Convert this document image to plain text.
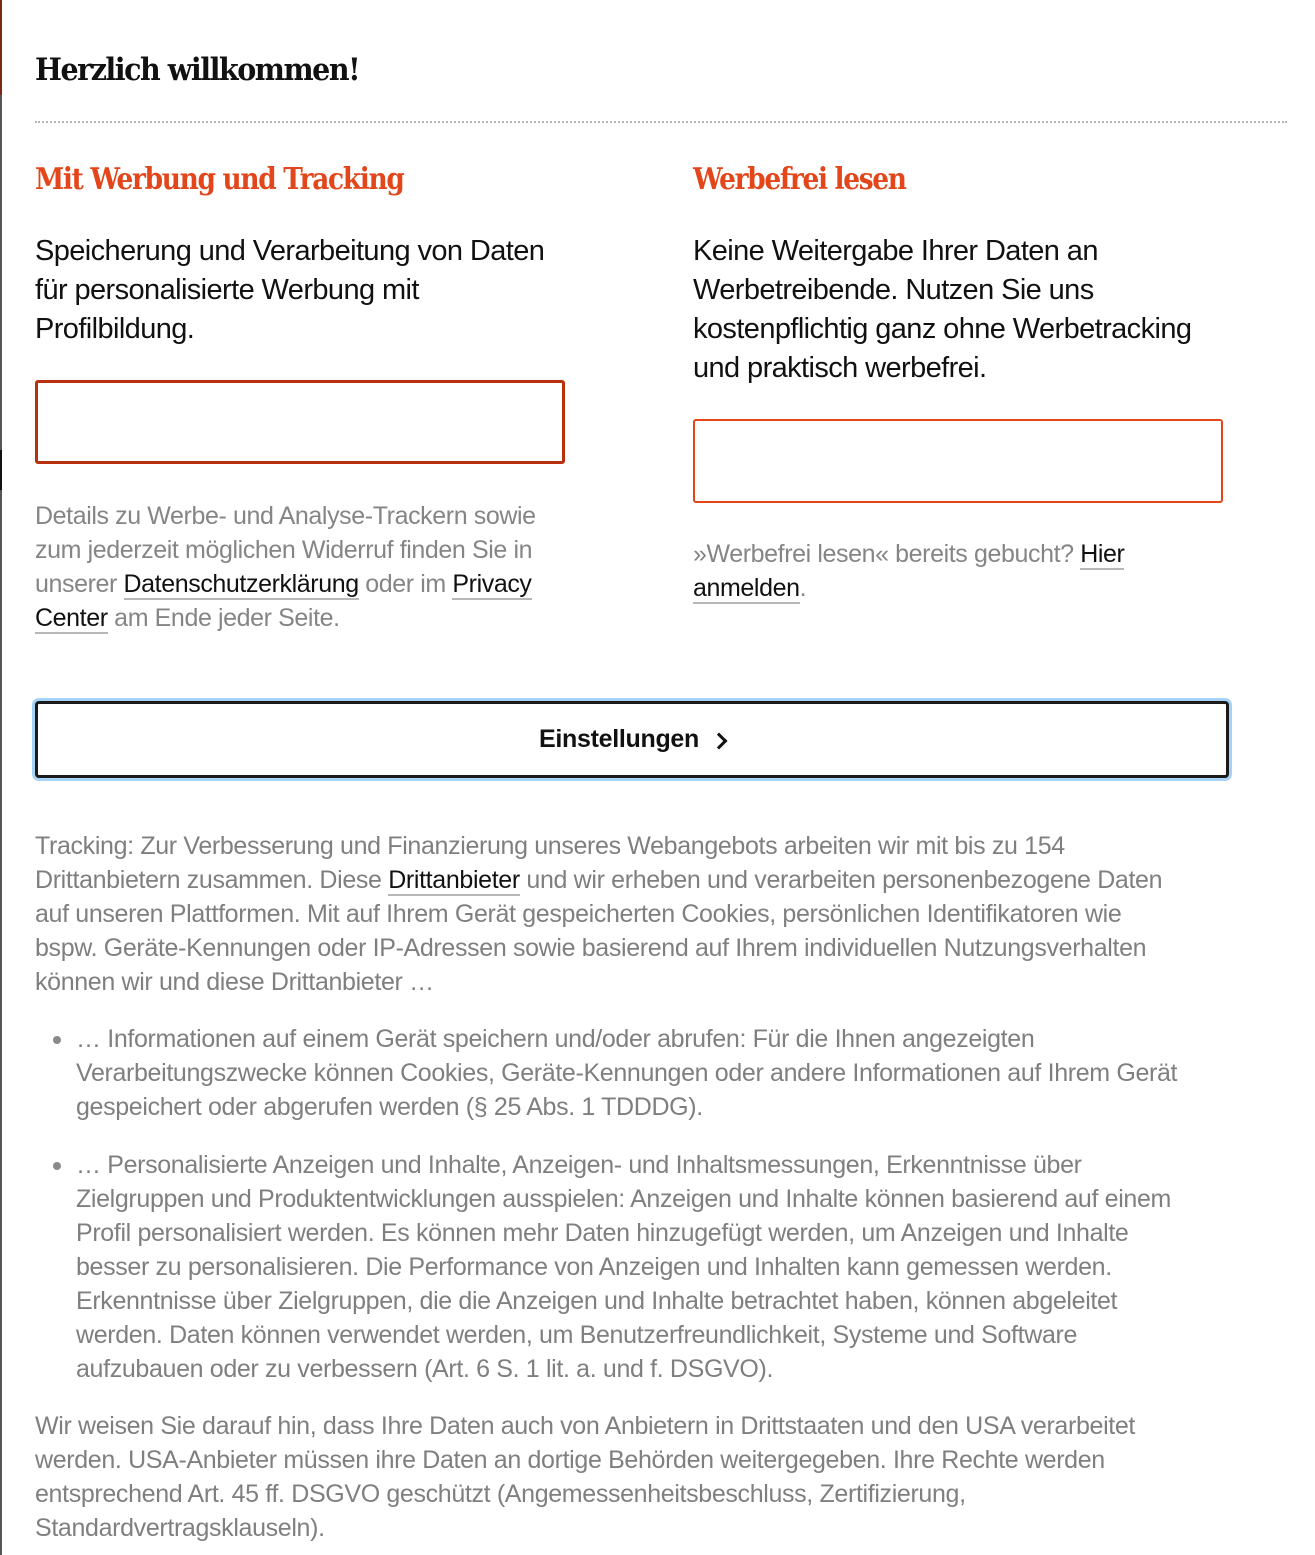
Herzlich willkommen!
Mit Werbung und Tracking

Speicherung und Verarbeitung von Daten
für personalisierte Werbung mit
Profilbildung.

Details zu Werbe- und Analyse-Trackern sowie
zum jederzeit möglichen Widerruf finden Sie in
unserer Datenschutzerklärung oder im Privacy
Center am Ende jeder Seite.

Werbefrei lesen

Keine Weitergabe Ihrer Daten an
Werbetreibende. Nutzen Sie uns
kostenpflichtig ganz ohne Werbetracking
und praktisch werbefrei.

»Werbefrei lesen« bereits gebucht? Hier
anmelden.

Einstellungen

Tracking: Zur Verbesserung und Finanzierung unseres Webangebots arbeiten wir mit bis zu 154
Drittanbietern zusammen. Diese Drittanbieter und wir erheben und verarbeiten personenbezogene Daten
auf unseren Plattformen. Mit auf Ihrem Gerät gespeicherten Cookies, persönlichen Identifikatoren wie
bspw. Geräte-Kennungen oder IP-Adressen sowie basierend auf Ihrem individuellen Nutzungsverhalten
können wir und diese Drittanbieter …

… Informationen auf einem Gerät speichern und/oder abrufen: Für die Ihnen angezeigten
Verarbeitungszwecke können Cookies, Geräte-Kennungen oder andere Informationen auf Ihrem Gerät
gespeichert oder abgerufen werden (§ 25 Abs. 1 TDDDG).
… Personalisierte Anzeigen und Inhalte, Anzeigen- und Inhaltsmessungen, Erkenntnisse über
Zielgruppen und Produktentwicklungen ausspielen: Anzeigen und Inhalte können basierend auf einem
Profil personalisiert werden. Es können mehr Daten hinzugefügt werden, um Anzeigen und Inhalte
besser zu personalisieren. Die Performance von Anzeigen und Inhalten kann gemessen werden.
Erkenntnisse über Zielgruppen, die die Anzeigen und Inhalte betrachtet haben, können abgeleitet
werden. Daten können verwendet werden, um Benutzerfreundlichkeit, Systeme und Software
aufzubauen oder zu verbessern (Art. 6 S. 1 lit. a. und f. DSGVO).

Wir weisen Sie darauf hin, dass Ihre Daten auch von Anbietern in Drittstaaten und den USA verarbeitet
werden. USA-Anbieter müssen ihre Daten an dortige Behörden weitergegeben. Ihre Rechte werden
entsprechend Art. 45 ff. DSGVO geschützt (Angemessenheitsbeschluss, Zertifizierung,
Standardvertragsklauseln).
